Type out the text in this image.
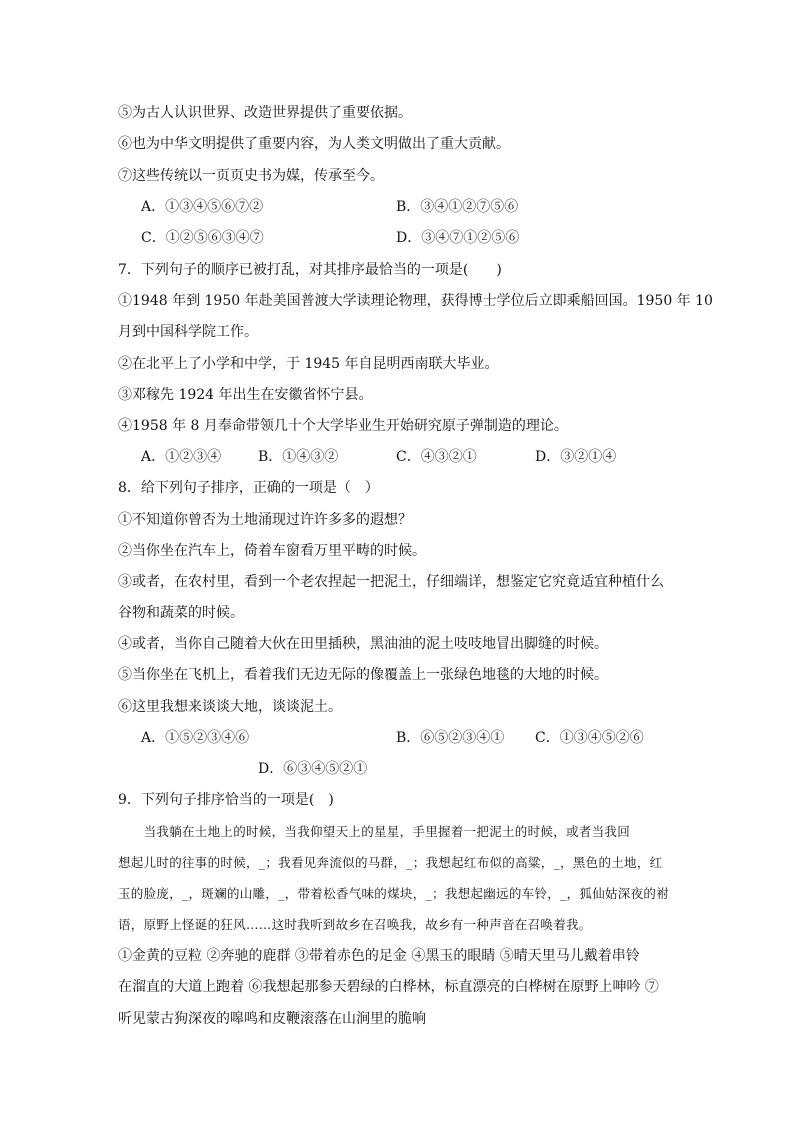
⑤为古人认识世界、改造世界提供了重要依据。
⑥也为中华文明提供了重要内容，为人类文明做出了重大贡献。
⑦这些传统以一页页史书为媒，传承至今。
A．①③④⑤⑥⑦②	B．③④①②⑦⑤⑥
C．①②⑤⑥③④⑦	D．③④⑦①②⑤⑥
7．下列句子的顺序已被打乱，对其排序最恰当的一项是(　　)
①1948 年到 1950 年赴美国普渡大学读理论物理，获得博士学位后立即乘船回国。1950 年 10
月到中国科学院工作。
②在北平上了小学和中学，于 1945 年自昆明西南联大毕业。
③邓稼先 1924 年出生在安徽省怀宁县。
④1958 年 8 月奉命带领几十个大学毕业生开始研究原子弹制造的理论。
A．①②③④	B．①④③②	C．④③②①	D．③②①④
8．给下列句子排序，正确的一项是（　）
①不知道你曾否为土地涌现过许许多多的遐想？
②当你坐在汽车上，倚着车窗看万里平畴的时候。
③或者，在农村里，看到一个老农捏起一把泥土，仔细端详，想鉴定它究竟适宜种植什么
谷物和蔬菜的时候。
④或者，当你自己随着大伙在田里插秧，黑油油的泥土吱吱地冒出脚缝的时候。
⑤当你坐在飞机上，看着我们无边无际的像覆盖上一张绿色地毯的大地的时候。
⑥这里我想来谈谈大地，谈谈泥土。
A．①⑤②③④⑥	B．⑥⑤②③④① C．①③④⑤②⑥
D．⑥③④⑤②①
9．下列句子排序恰当的一项是(　)
　　当我躺在土地上的时候，当我仰望天上的星星，手里握着一把泥土的时候，或者当我回
想起儿时的往事的时候，_；我看见奔流似的马群，_；我想起红布似的高粱，_，黑色的土地，红
玉的脸庞，_，斑斓的山雕，_，带着松香气味的煤块，_；我想起幽远的车铃，_，狐仙姑深夜的祔
语，原野上怪诞的狂风……这时我听到故乡在召唤我，故乡有一种声音在召唤着我。
①金黄的豆粒 ②奔驰的鹿群 ③带着赤色的足金 ④黑玉的眼睛 ⑤晴天里马儿戴着串铃
在溜直的大道上跑着 ⑥我想起那参天碧绿的白桦林，标直漂亮的白桦树在原野上呻吟 ⑦
听见蒙古狗深夜的嗥鸣和皮鞭滚落在山涧里的脆响
